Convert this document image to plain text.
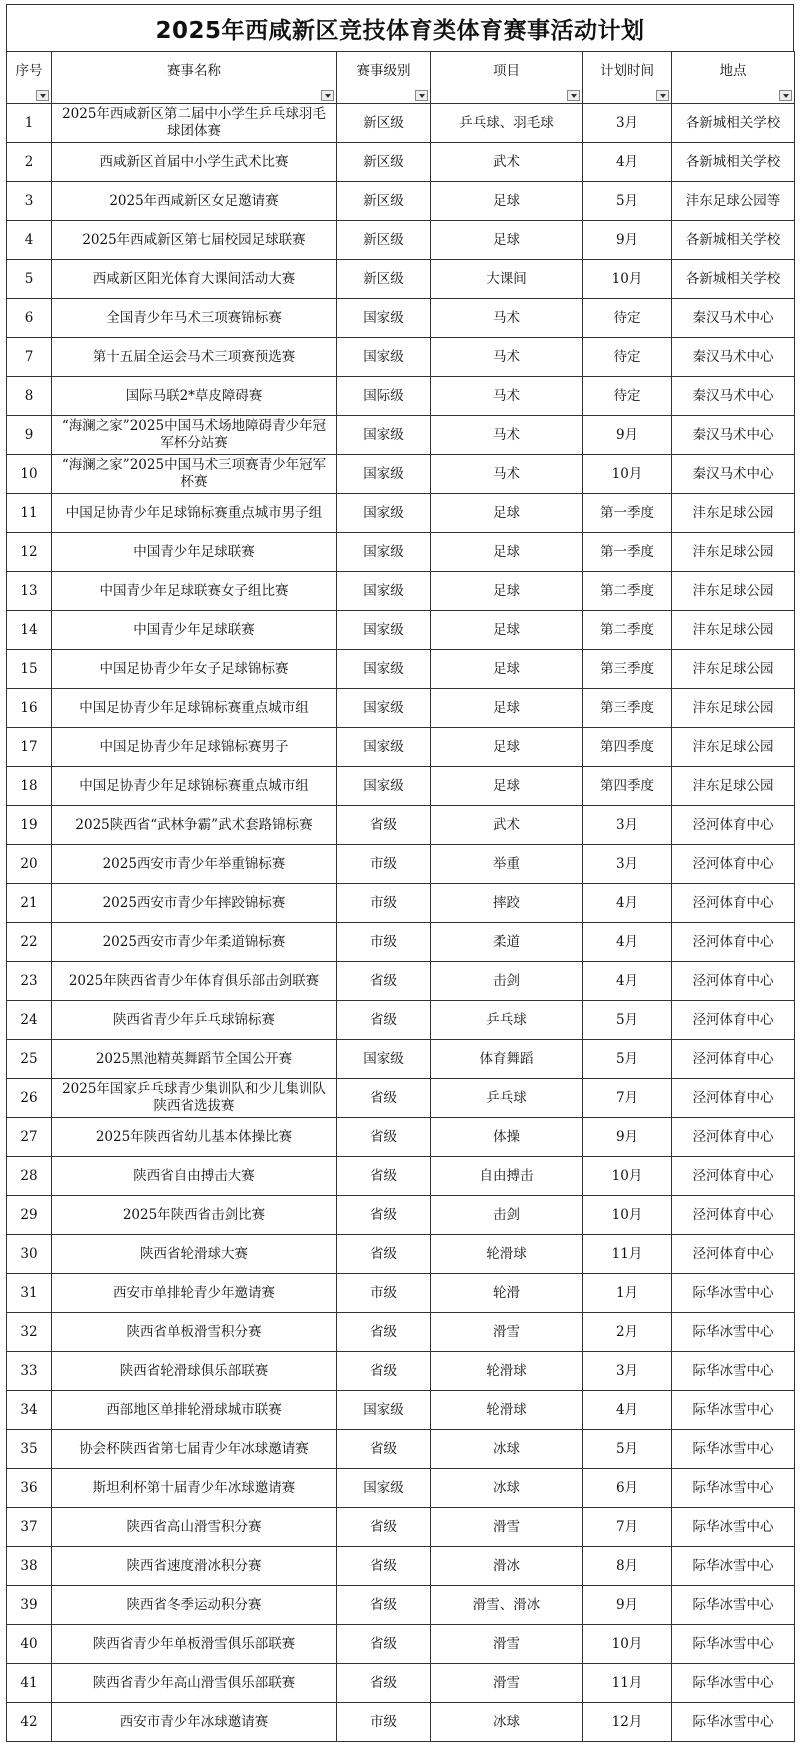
2025年西咸新区竞技体育类体育赛事活动计划
序号	赛事名称	赛事级别	项目	计划时间	地点

1	2025年西咸新区第二届中小学生乒乓球羽毛球团体赛	新区级	乒乓球、羽毛球	3月	各新城相关学校
2	西咸新区首届中小学生武术比赛	新区级	武术	4月	各新城相关学校
3	2025年西咸新区女足邀请赛	新区级	足球	5月	沣东足球公园等
4	2025年西咸新区第七届校园足球联赛	新区级	足球	9月	各新城相关学校
5	西咸新区阳光体育大课间活动大赛	新区级	大课间	10月	各新城相关学校
6	全国青少年马术三项赛锦标赛	国家级	马术	待定	秦汉马术中心
7	第十五届全运会马术三项赛预选赛	国家级	马术	待定	秦汉马术中心
8	国际马联2*草皮障碍赛	国际级	马术	待定	秦汉马术中心
9	“海澜之家”2025中国马术场地障碍青少年冠军杯分站赛	国家级	马术	9月	秦汉马术中心
10	“海澜之家”2025中国马术三项赛青少年冠军杯赛	国家级	马术	10月	秦汉马术中心
11	中国足协青少年足球锦标赛重点城市男子组	国家级	足球	第一季度	沣东足球公园
12	中国青少年足球联赛	国家级	足球	第一季度	沣东足球公园
13	中国青少年足球联赛女子组比赛	国家级	足球	第二季度	沣东足球公园
14	中国青少年足球联赛	国家级	足球	第二季度	沣东足球公园
15	中国足协青少年女子足球锦标赛	国家级	足球	第三季度	沣东足球公园
16	中国足协青少年足球锦标赛重点城市组	国家级	足球	第三季度	沣东足球公园
17	中国足协青少年足球锦标赛男子	国家级	足球	第四季度	沣东足球公园
18	中国足协青少年足球锦标赛重点城市组	国家级	足球	第四季度	沣东足球公园
19	2025陕西省“武林争霸”武术套路锦标赛	省级	武术	3月	泾河体育中心
20	2025西安市青少年举重锦标赛	市级	举重	3月	泾河体育中心
21	2025西安市青少年摔跤锦标赛	市级	摔跤	4月	泾河体育中心
22	2025西安市青少年柔道锦标赛	市级	柔道	4月	泾河体育中心
23	2025年陕西省青少年体育俱乐部击剑联赛	省级	击剑	4月	泾河体育中心
24	陕西省青少年乒乓球锦标赛	省级	乒乓球	5月	泾河体育中心
25	2025黑池精英舞蹈节全国公开赛	国家级	体育舞蹈	5月	泾河体育中心
26	2025年国家乒乓球青少集训队和少儿集训队陕西省选拔赛	省级	乒乓球	7月	泾河体育中心
27	2025年陕西省幼儿基本体操比赛	省级	体操	9月	泾河体育中心
28	陕西省自由搏击大赛	省级	自由搏击	10月	泾河体育中心
29	2025年陕西省击剑比赛	省级	击剑	10月	泾河体育中心
30	陕西省轮滑球大赛	省级	轮滑球	11月	泾河体育中心
31	西安市单排轮青少年邀请赛	市级	轮滑	1月	际华冰雪中心
32	陕西省单板滑雪积分赛	省级	滑雪	2月	际华冰雪中心
33	陕西省轮滑球俱乐部联赛	省级	轮滑球	3月	际华冰雪中心
34	西部地区单排轮滑球城市联赛	国家级	轮滑球	4月	际华冰雪中心
35	协会杯陕西省第七届青少年冰球邀请赛	省级	冰球	5月	际华冰雪中心
36	斯坦利杯第十届青少年冰球邀请赛	国家级	冰球	6月	际华冰雪中心
37	陕西省高山滑雪积分赛	省级	滑雪	7月	际华冰雪中心
38	陕西省速度滑冰积分赛	省级	滑冰	8月	际华冰雪中心
39	陕西省冬季运动积分赛	省级	滑雪、滑冰	9月	际华冰雪中心
40	陕西省青少年单板滑雪俱乐部联赛	省级	滑雪	10月	际华冰雪中心
41	陕西省青少年高山滑雪俱乐部联赛	省级	滑雪	11月	际华冰雪中心
42	西安市青少年冰球邀请赛	市级	冰球	12月	际华冰雪中心
